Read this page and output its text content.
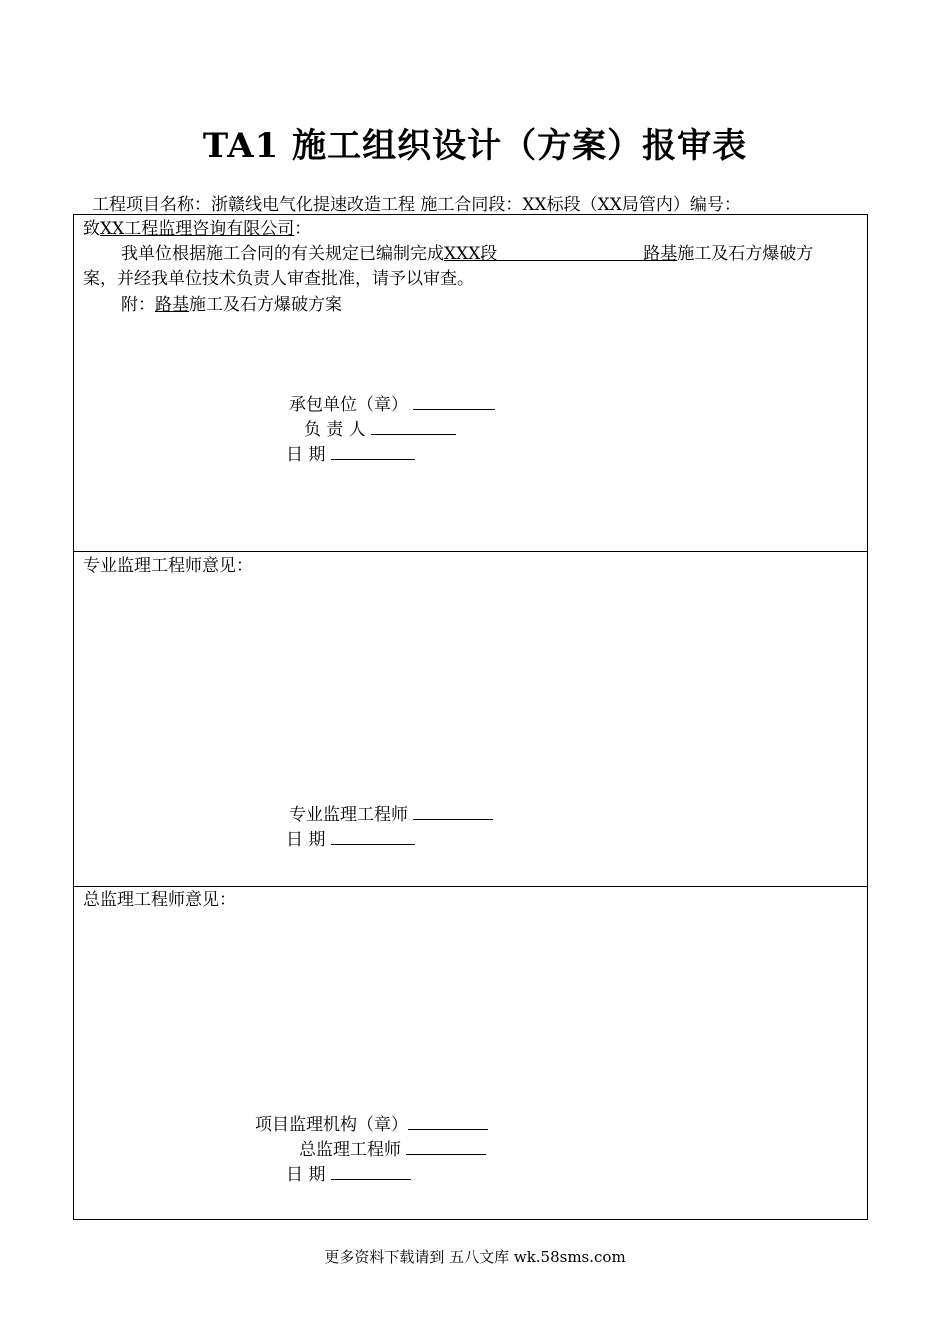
TA1 施工组织设计（方案）报审表
工程项目名称：浙赣线电气化提速改造工程 施工合同段：XX标段（XX局管内）编号：
致XX工程监理咨询有限公司：
我单位根据施工合同的有关规定已编制完成XXX段	路基施工及石方爆破方
案，并经我单位技术负责人审查批准，请予以审查。
附：路基施工及石方爆破方案
承包单位（章）
负 责 人
日 期
专业监理工程师意见：
专业监理工程师
日 期
总监理工程师意见：
项目监理机构（章）
总监理工程师
日 期
更多资料下载请到 五八文库 wk.58sms.com
